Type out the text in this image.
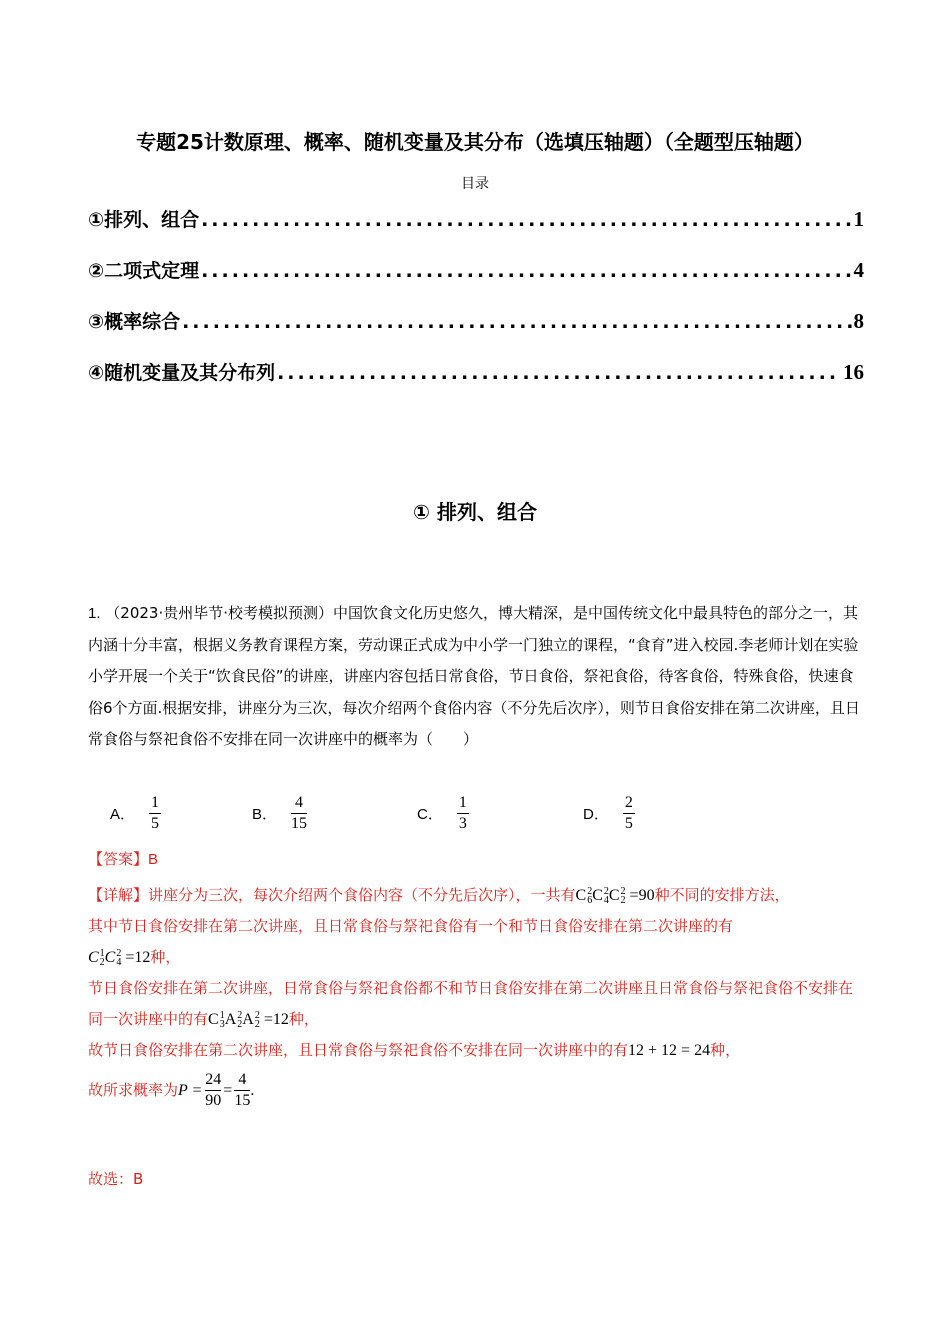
专题25计数原理、概率、随机变量及其分布（选填压轴题）（全题型压轴题）
目录
①排列、组合 .....	1
②二项式定理 .....	4
③概率综合 .....	8
④随机变量及其分布列 .....	16
① 排列、组合
1. （2023·贵州毕节·校考模拟预测）中国饮食文化历史悠久，博大精深，是中国传统文化中最具特色的部分之一，其内涵十分丰富，根据义务教育课程方案，劳动课正式成为中小学一门独立的课程，“食育”进入校园.李老师计划在实验小学开展一个关于“饮食民俗”的讲座，讲座内容包括日常食俗，节日食俗，祭祀食俗，待客食俗，特殊食俗，快速食俗6个方面.根据安排，讲座分为三次，每次介绍两个食俗内容（不分先后次序），则节日食俗安排在第二次讲座，且日常食俗与祭祀食俗不安排在同一次讲座中的概率为（　　）
A． $\frac{1}{5}$	B． $\frac{4}{15}$	C． $\frac{1}{3}$	D． $\frac{2}{5}$
【答案】B
【详解】讲座分为三次，每次介绍两个食俗内容（不分先后次序），一共有C 2
6 C 2
4 C 2
2 =90种不同的安排方法，
其中节日食俗安排在第二次讲座，且日常食俗与祭祀食俗有一个和节日食俗安排在第二次讲座的有
C 1
2 C 2
4 =12种，
节日食俗安排在第二次讲座，日常食俗与祭祀食俗都不和节日食俗安排在第二次讲座且日常食俗与祭祀食俗不安排在同一次讲座中的有C 1
3 A 2
2 A 2
2 =12种，
故节日食俗安排在第二次讲座，且日常食俗与祭祀食俗不安排在同一次讲座中的有12 + 12 = 24种，
故所求概率为 $P = \frac{24}{90} = \frac{4}{15}$ .
故选：B
